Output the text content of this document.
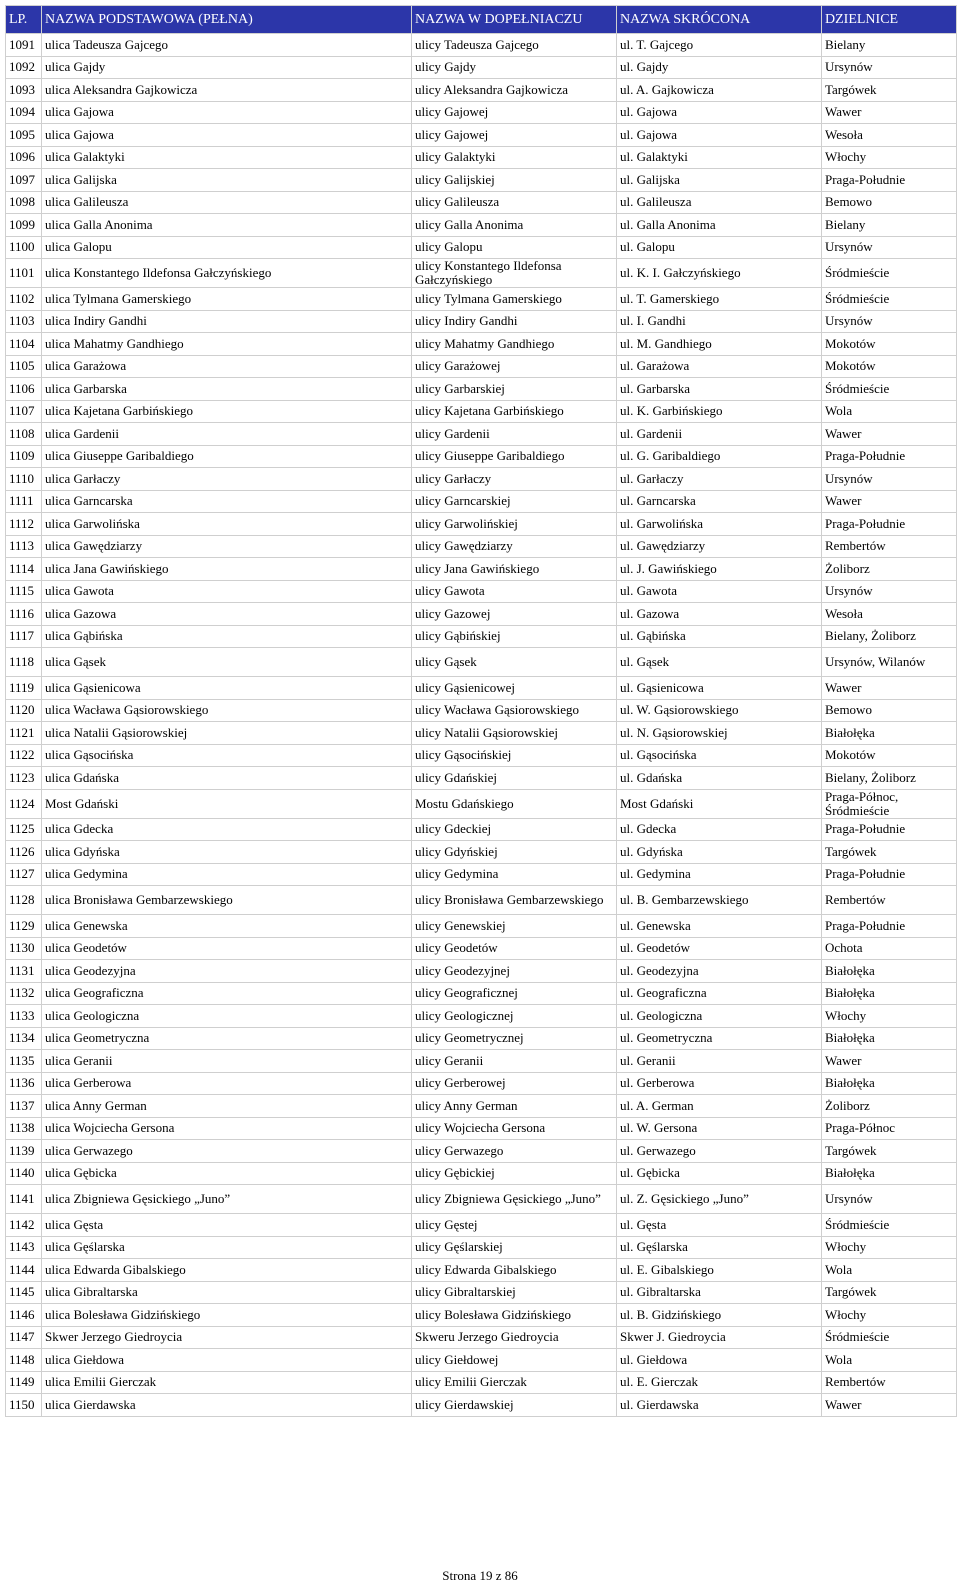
LP.	NAZWA PODSTAWOWA (PEŁNA)	NAZWA W DOPEŁNIACZU	NAZWA SKRÓCONA	DZIELNICE
1091	ulica Tadeusza Gajcego	ulicy Tadeusza Gajcego	ul. T. Gajcego	Bielany
1092	ulica Gajdy	ulicy Gajdy	ul. Gajdy	Ursynów
1093	ulica Aleksandra Gajkowicza	ulicy Aleksandra Gajkowicza	ul. A. Gajkowicza	Targówek
1094	ulica Gajowa	ulicy Gajowej	ul. Gajowa	Wawer
1095	ulica Gajowa	ulicy Gajowej	ul. Gajowa	Wesoła
1096	ulica Galaktyki	ulicy Galaktyki	ul. Galaktyki	Włochy
1097	ulica Galijska	ulicy Galijskiej	ul. Galijska	Praga-Południe
1098	ulica Galileusza	ulicy Galileusza	ul. Galileusza	Bemowo
1099	ulica Galla Anonima	ulicy Galla Anonima	ul. Galla Anonima	Bielany
1100	ulica Galopu	ulicy Galopu	ul. Galopu	Ursynów
1101	ulica Konstantego Ildefonsa Gałczyńskiego	ulicy Konstantego Ildefonsa Gałczyńskiego	ul. K. I. Gałczyńskiego	Śródmieście
1102	ulica Tylmana Gamerskiego	ulicy Tylmana Gamerskiego	ul. T. Gamerskiego	Śródmieście
1103	ulica Indiry Gandhi	ulicy Indiry Gandhi	ul. I. Gandhi	Ursynów
1104	ulica Mahatmy Gandhiego	ulicy Mahatmy Gandhiego	ul. M. Gandhiego	Mokotów
1105	ulica Garażowa	ulicy Garażowej	ul. Garażowa	Mokotów
1106	ulica Garbarska	ulicy Garbarskiej	ul. Garbarska	Śródmieście
1107	ulica Kajetana Garbińskiego	ulicy Kajetana Garbińskiego	ul. K. Garbińskiego	Wola
1108	ulica Gardenii	ulicy Gardenii	ul. Gardenii	Wawer
1109	ulica Giuseppe Garibaldiego	ulicy Giuseppe Garibaldiego	ul. G. Garibaldiego	Praga-Południe
1110	ulica Garłaczy	ulicy Garłaczy	ul. Garłaczy	Ursynów
1111	ulica Garncarska	ulicy Garncarskiej	ul. Garncarska	Wawer
1112	ulica Garwolińska	ulicy Garwolińskiej	ul. Garwolińska	Praga-Południe
1113	ulica Gawędziarzy	ulicy Gawędziarzy	ul. Gawędziarzy	Rembertów
1114	ulica Jana Gawińskiego	ulicy Jana Gawińskiego	ul. J. Gawińskiego	Żoliborz
1115	ulica Gawota	ulicy Gawota	ul. Gawota	Ursynów
1116	ulica Gazowa	ulicy Gazowej	ul. Gazowa	Wesoła
1117	ulica Gąbińska	ulicy Gąbińskiej	ul. Gąbińska	Bielany, Żoliborz
1118	ulica Gąsek	ulicy Gąsek	ul. Gąsek	Ursynów, Wilanów
1119	ulica Gąsienicowa	ulicy Gąsienicowej	ul. Gąsienicowa	Wawer
1120	ulica Wacława Gąsiorowskiego	ulicy Wacława Gąsiorowskiego	ul. W. Gąsiorowskiego	Bemowo
1121	ulica Natalii Gąsiorowskiej	ulicy Natalii Gąsiorowskiej	ul. N. Gąsiorowskiej	Białołęka
1122	ulica Gąsocińska	ulicy Gąsocińskiej	ul. Gąsocińska	Mokotów
1123	ulica Gdańska	ulicy Gdańskiej	ul. Gdańska	Bielany, Żoliborz
1124	Most Gdański	Mostu Gdańskiego	Most Gdański	Praga-Północ, Śródmieście
1125	ulica Gdecka	ulicy Gdeckiej	ul. Gdecka	Praga-Południe
1126	ulica Gdyńska	ulicy Gdyńskiej	ul. Gdyńska	Targówek
1127	ulica Gedymina	ulicy Gedymina	ul. Gedymina	Praga-Południe
1128	ulica Bronisława Gembarzewskiego	ulicy Bronisława Gembarzewskiego	ul. B. Gembarzewskiego	Rembertów
1129	ulica Genewska	ulicy Genewskiej	ul. Genewska	Praga-Południe
1130	ulica Geodetów	ulicy Geodetów	ul. Geodetów	Ochota
1131	ulica Geodezyjna	ulicy Geodezyjnej	ul. Geodezyjna	Białołęka
1132	ulica Geograficzna	ulicy Geograficznej	ul. Geograficzna	Białołęka
1133	ulica Geologiczna	ulicy Geologicznej	ul. Geologiczna	Włochy
1134	ulica Geometryczna	ulicy Geometrycznej	ul. Geometryczna	Białołęka
1135	ulica Geranii	ulicy Geranii	ul. Geranii	Wawer
1136	ulica Gerberowa	ulicy Gerberowej	ul. Gerberowa	Białołęka
1137	ulica Anny German	ulicy Anny German	ul. A. German	Żoliborz
1138	ulica Wojciecha Gersona	ulicy Wojciecha Gersona	ul. W. Gersona	Praga-Północ
1139	ulica Gerwazego	ulicy Gerwazego	ul. Gerwazego	Targówek
1140	ulica Gębicka	ulicy Gębickiej	ul. Gębicka	Białołęka
1141	ulica Zbigniewa Gęsickiego „Juno”	ulicy Zbigniewa Gęsickiego „Juno”	ul. Z. Gęsickiego „Juno”	Ursynów
1142	ulica Gęsta	ulicy Gęstej	ul. Gęsta	Śródmieście
1143	ulica Gęślarska	ulicy Gęślarskiej	ul. Gęślarska	Włochy
1144	ulica Edwarda Gibalskiego	ulicy Edwarda Gibalskiego	ul. E. Gibalskiego	Wola
1145	ulica Gibraltarska	ulicy Gibraltarskiej	ul. Gibraltarska	Targówek
1146	ulica Bolesława Gidzińskiego	ulicy Bolesława Gidzińskiego	ul. B. Gidzińskiego	Włochy
1147	Skwer Jerzego Giedroycia	Skweru Jerzego Giedroycia	Skwer J. Giedroycia	Śródmieście
1148	ulica Giełdowa	ulicy Giełdowej	ul. Giełdowa	Wola
1149	ulica Emilii Gierczak	ulicy Emilii Gierczak	ul. E. Gierczak	Rembertów
1150	ulica Gierdawska	ulicy Gierdawskiej	ul. Gierdawska	Wawer
Strona 19 z 86
